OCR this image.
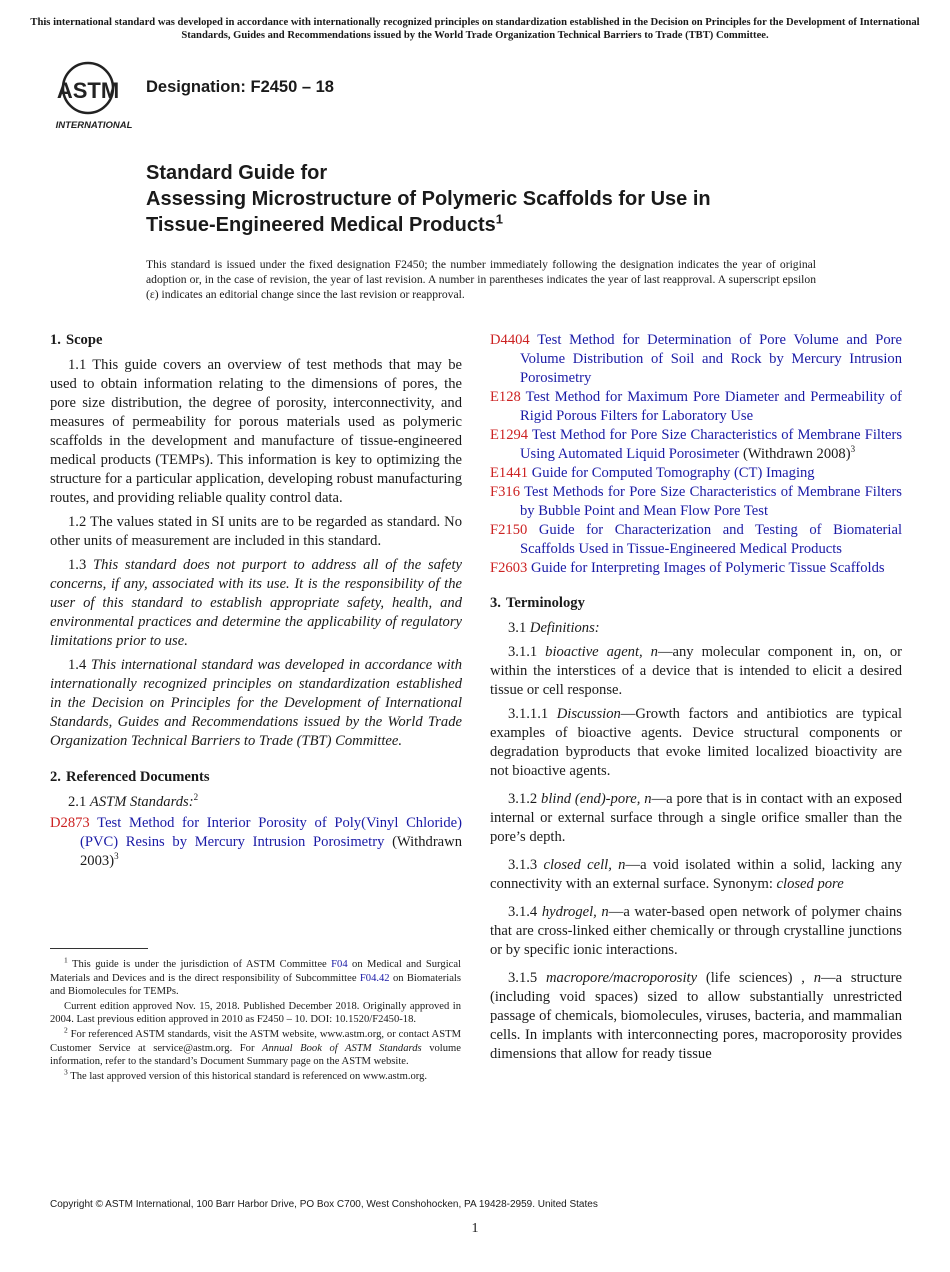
This international standard was developed in accordance with internationally recognized principles on standardization established in the Decision on Principles for the Development of International Standards, Guides and Recommendations issued by the World Trade Organization Technical Barriers to Trade (TBT) Committee.
ASTM
INTERNATIONAL
Designation: F2450 – 18
Standard Guide for
Assessing Microstructure of Polymeric Scaffolds for Use in
Tissue-Engineered Medical Products$^1$
This standard is issued under the fixed designation F2450; the number immediately following the designation indicates the year of original adoption or, in the case of revision, the year of last revision. A number in parentheses indicates the year of last reapproval. A superscript epsilon (ε) indicates an editorial change since the last revision or reapproval.
1. Scope

1.1 This guide covers an overview of test methods that may be used to obtain information relating to the dimensions of pores, the pore size distribution, the degree of porosity, interconnectivity, and measures of permeability for porous materials used as polymeric scaffolds in the development and manufacture of tissue-engineered medical products (TEMPs). This information is key to optimizing the structure for a particular application, developing robust manufacturing routes, and providing reliable quality control data.

1.2 The values stated in SI units are to be regarded as standard. No other units of measurement are included in this standard.

1.3 This standard does not purport to address all of the safety concerns, if any, associated with its use. It is the responsibility of the user of this standard to establish appropriate safety, health, and environmental practices and determine the applicability of regulatory limitations prior to use.

1.4 This international standard was developed in accordance with internationally recognized principles on standardization established in the Decision on Principles for the Development of International Standards, Guides and Recommendations issued by the World Trade Organization Technical Barriers to Trade (TBT) Committee.

2. Referenced Documents

2.1 ASTM Standards:$^2$

D2873 Test Method for Interior Porosity of Poly(Vinyl Chloride) (PVC) Resins by Mercury Intrusion Porosimetry (Withdrawn 2003)$^3$

$^1$ This guide is under the jurisdiction of ASTM Committee F04 on Medical and Surgical Materials and Devices and is the direct responsibility of Subcommittee F04.42 on Biomaterials and Biomolecules for TEMPs.

Current edition approved Nov. 15, 2018. Published December 2018. Originally approved in 2004. Last previous edition approved in 2010 as F2450 – 10. DOI: 10.1520/F2450-18.

$^2$ For referenced ASTM standards, visit the ASTM website, www.astm.org, or contact ASTM Customer Service at service@astm.org. For Annual Book of ASTM Standards volume information, refer to the standard’s Document Summary page on the ASTM website.

$^3$ The last approved version of this historical standard is referenced on www.astm.org.

D4404 Test Method for Determination of Pore Volume and Pore Volume Distribution of Soil and Rock by Mercury Intrusion Porosimetry
E128 Test Method for Maximum Pore Diameter and Permeability of Rigid Porous Filters for Laboratory Use
E1294 Test Method for Pore Size Characteristics of Membrane Filters Using Automated Liquid Porosimeter (Withdrawn 2008)$^3$
E1441 Guide for Computed Tomography (CT) Imaging
F316 Test Methods for Pore Size Characteristics of Membrane Filters by Bubble Point and Mean Flow Pore Test
F2150 Guide for Characterization and Testing of Biomaterial Scaffolds Used in Tissue-Engineered Medical Products
F2603 Guide for Interpreting Images of Polymeric Tissue Scaffolds
3. Terminology

3.1 Definitions:

3.1.1 bioactive agent, n—any molecular component in, on, or within the interstices of a device that is intended to elicit a desired tissue or cell response.

3.1.1.1 Discussion—Growth factors and antibiotics are typical examples of bioactive agents. Device structural components or degradation byproducts that evoke limited localized bioactivity are not bioactive agents.

3.1.2 blind (end)-pore, n—a pore that is in contact with an exposed internal or external surface through a single orifice smaller than the pore’s depth.

3.1.3 closed cell, n—a void isolated within a solid, lacking any connectivity with an external surface. Synonym: closed pore

3.1.4 hydrogel, n—a water-based open network of polymer chains that are cross-linked either chemically or through crystalline junctions or by specific ionic interactions.

3.1.5 macropore/macroporosity (life sciences) , n—a structure (including void spaces) sized to allow substantially unrestricted passage of chemicals, biomolecules, viruses, bacteria, and mammalian cells. In implants with interconnecting pores, macroporosity provides dimensions that allow for ready tissue

Copyright © ASTM International, 100 Barr Harbor Drive, PO Box C700, West Conshohocken, PA 19428-2959. United States
1
